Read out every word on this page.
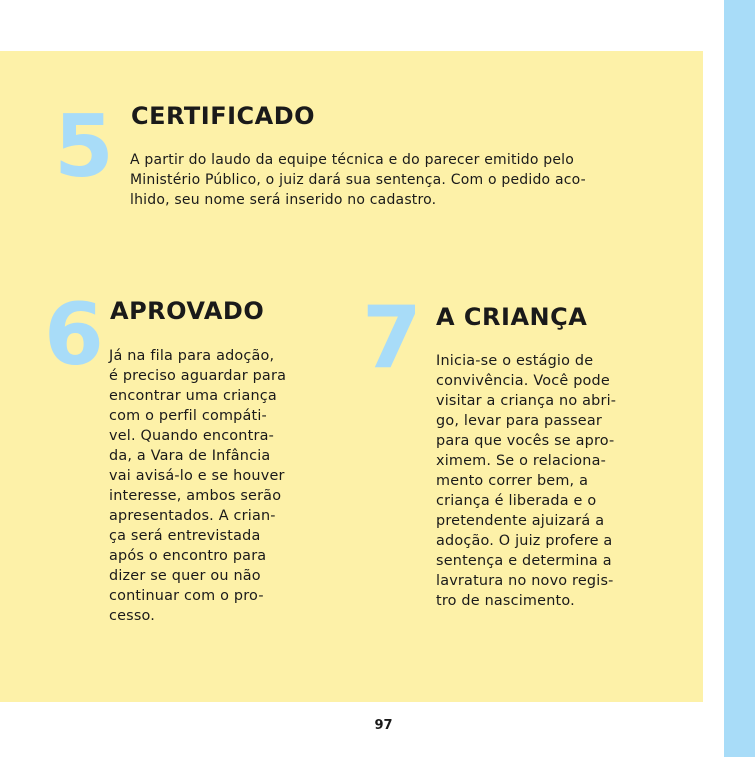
5 CERTIFICADO
A partir do laudo da equipe técnica e do parecer emitido pelo
Ministério Público, o juiz dará sua sentença. Com o pedido aco-
lhido, seu nome será inserido no cadastro.
6 APROVADO
Já na fila para adoção,
é preciso aguardar para
encontrar uma criança
com o perfil compáti-
vel. Quando encontra-
da, a Vara de Infância
vai avisá-lo e se houver
interesse, ambos serão
apresentados. A crian-
ça será entrevistada
após o encontro para
dizer se quer ou não
continuar com o pro-
cesso.
7 A CRIANÇA
Inicia-se o estágio de
convivência. Você pode
visitar a criança no abri-
go, levar para passear
para que vocês se apro-
ximem. Se o relaciona-
mento correr bem, a
criança é liberada e o
pretendente ajuizará a
adoção. O juiz profere a
sentença e determina a
lavratura no novo regis-
tro de nascimento.
97
